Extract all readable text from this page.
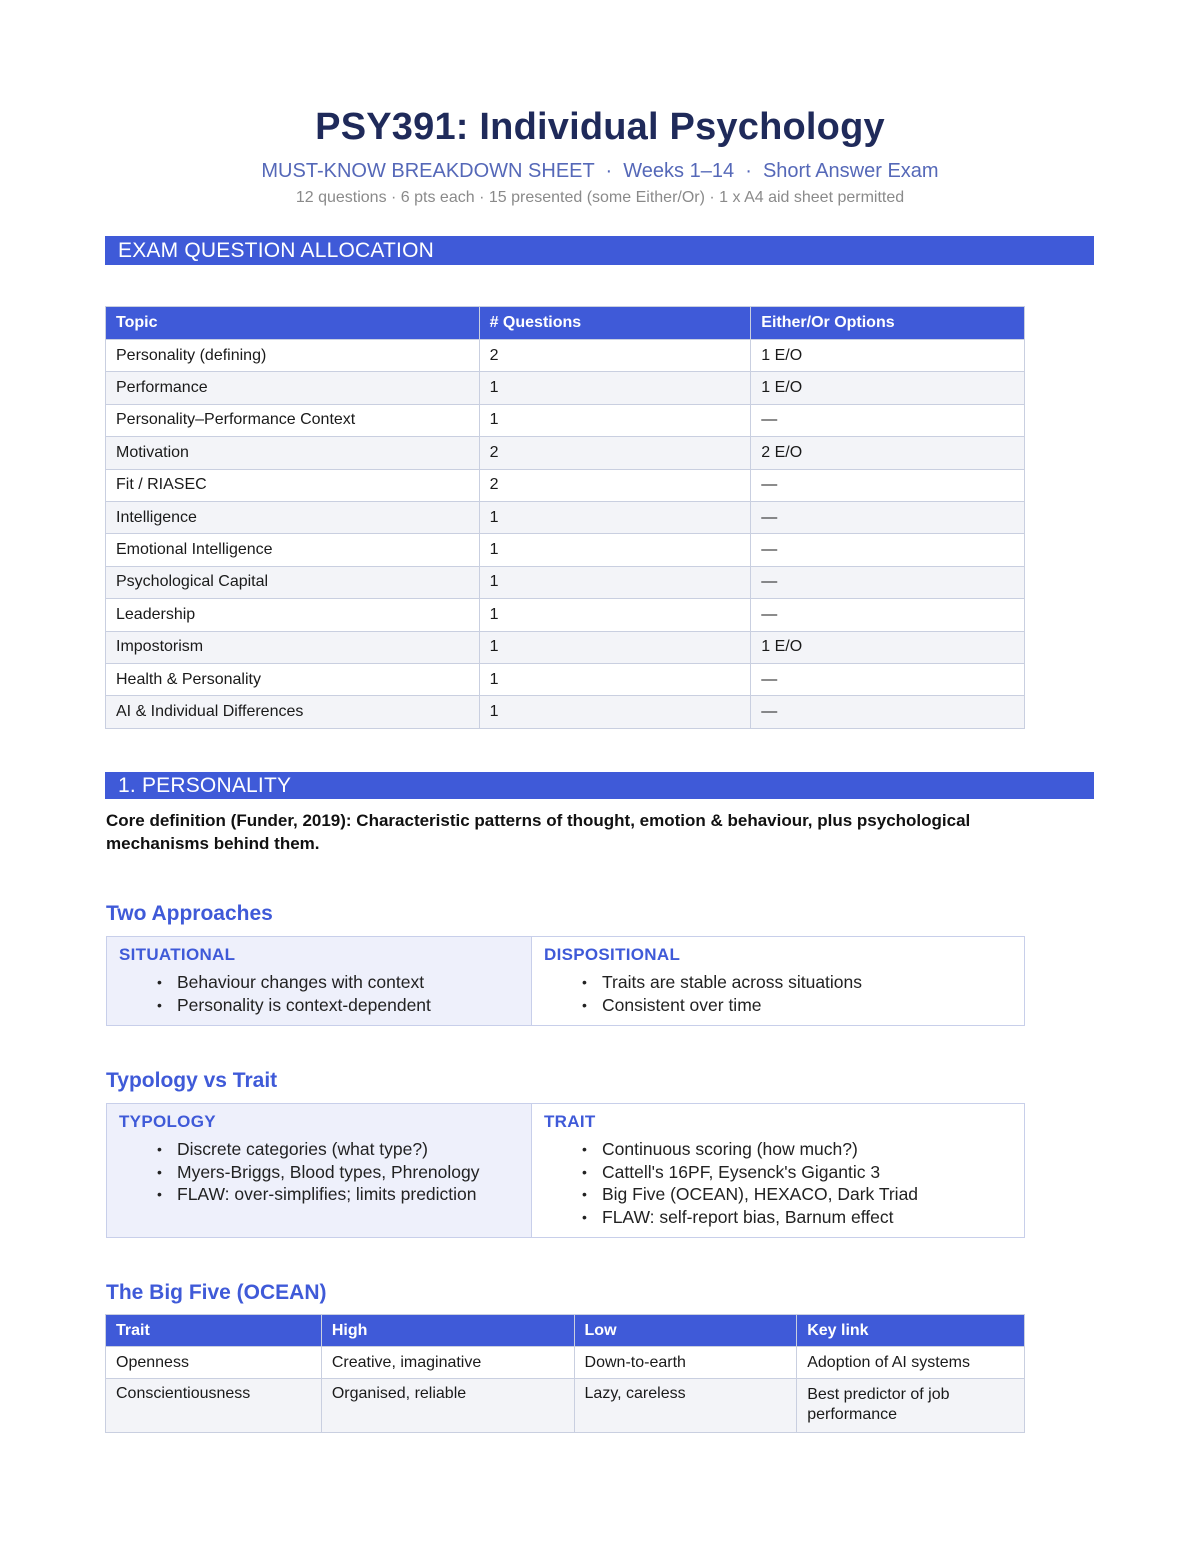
PSY391: Individual Psychology
MUST-KNOW BREAKDOWN SHEET  ·  Weeks 1–14  ·  Short Answer Exam
12 questions · 6 pts each · 15 presented (some Either/Or) · 1 x A4 aid sheet permitted
EXAM QUESTION ALLOCATION
Topic	# Questions	Either/Or Options
Personality (defining)	2	1 E/O
Performance	1	1 E/O
Personality–Performance Context	1	—
Motivation	2	2 E/O
Fit / RIASEC	2	—
Intelligence	1	—
Emotional Intelligence	1	—
Psychological Capital	1	—
Leadership	1	—
Impostorism	1	1 E/O
Health & Personality	1	—
AI & Individual Differences	1	—
1. PERSONALITY
Core definition (Funder, 2019): Characteristic patterns of thought, emotion & behaviour, plus psychological mechanisms behind them.
Two Approaches
SITUATIONAL
• Behaviour changes with context
• Personality is context-dependent
DISPOSITIONAL
• Traits are stable across situations
• Consistent over time
Typology vs Trait
TYPOLOGY
• Discrete categories (what type?)
• Myers-Briggs, Blood types, Phrenology
• FLAW: over-simplifies; limits prediction
TRAIT
• Continuous scoring (how much?)
• Cattell's 16PF, Eysenck's Gigantic 3
• Big Five (OCEAN), HEXACO, Dark Triad
• FLAW: self-report bias, Barnum effect
The Big Five (OCEAN)
Trait	High	Low	Key link
Openness	Creative, imaginative	Down-to-earth	Adoption of AI systems
Conscientiousness	Organised, reliable	Lazy, careless	Best predictor of job performance
